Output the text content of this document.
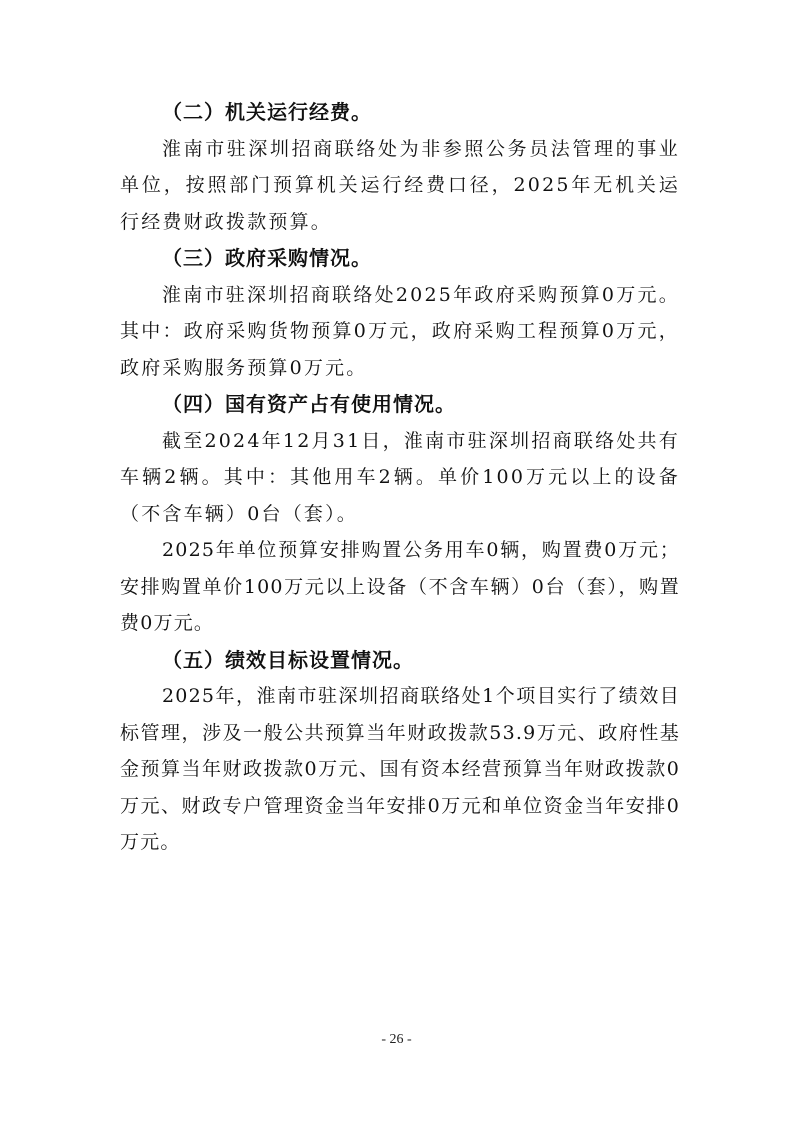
（二）机关运行经费。

淮南市驻深圳招商联络处为非参照公务员法管理的事业单位，按照部门预算机关运行经费口径，2025年无机关运行经费财政拨款预算。

（三）政府采购情况。

淮南市驻深圳招商联络处2025年政府采购预算0万元。其中：政府采购货物预算0万元，政府采购工程预算0万元，政府采购服务预算0万元。

（四）国有资产占有使用情况。

截至2024年12月31日，淮南市驻深圳招商联络处共有车辆2辆。其中：其他用车2辆。单价100万元以上的设备（不含车辆）0台（套）。

2025年单位预算安排购置公务用车0辆，购置费0万元；安排购置单价100万元以上设备（不含车辆）0台（套），购置费0万元。

（五）绩效目标设置情况。

2025年，淮南市驻深圳招商联络处1个项目实行了绩效目标管理，涉及一般公共预算当年财政拨款53.9万元、政府性基金预算当年财政拨款0万元、国有资本经营预算当年财政拨款0万元、财政专户管理资金当年安排0万元和单位资金当年安排0万元。

- 26 -
